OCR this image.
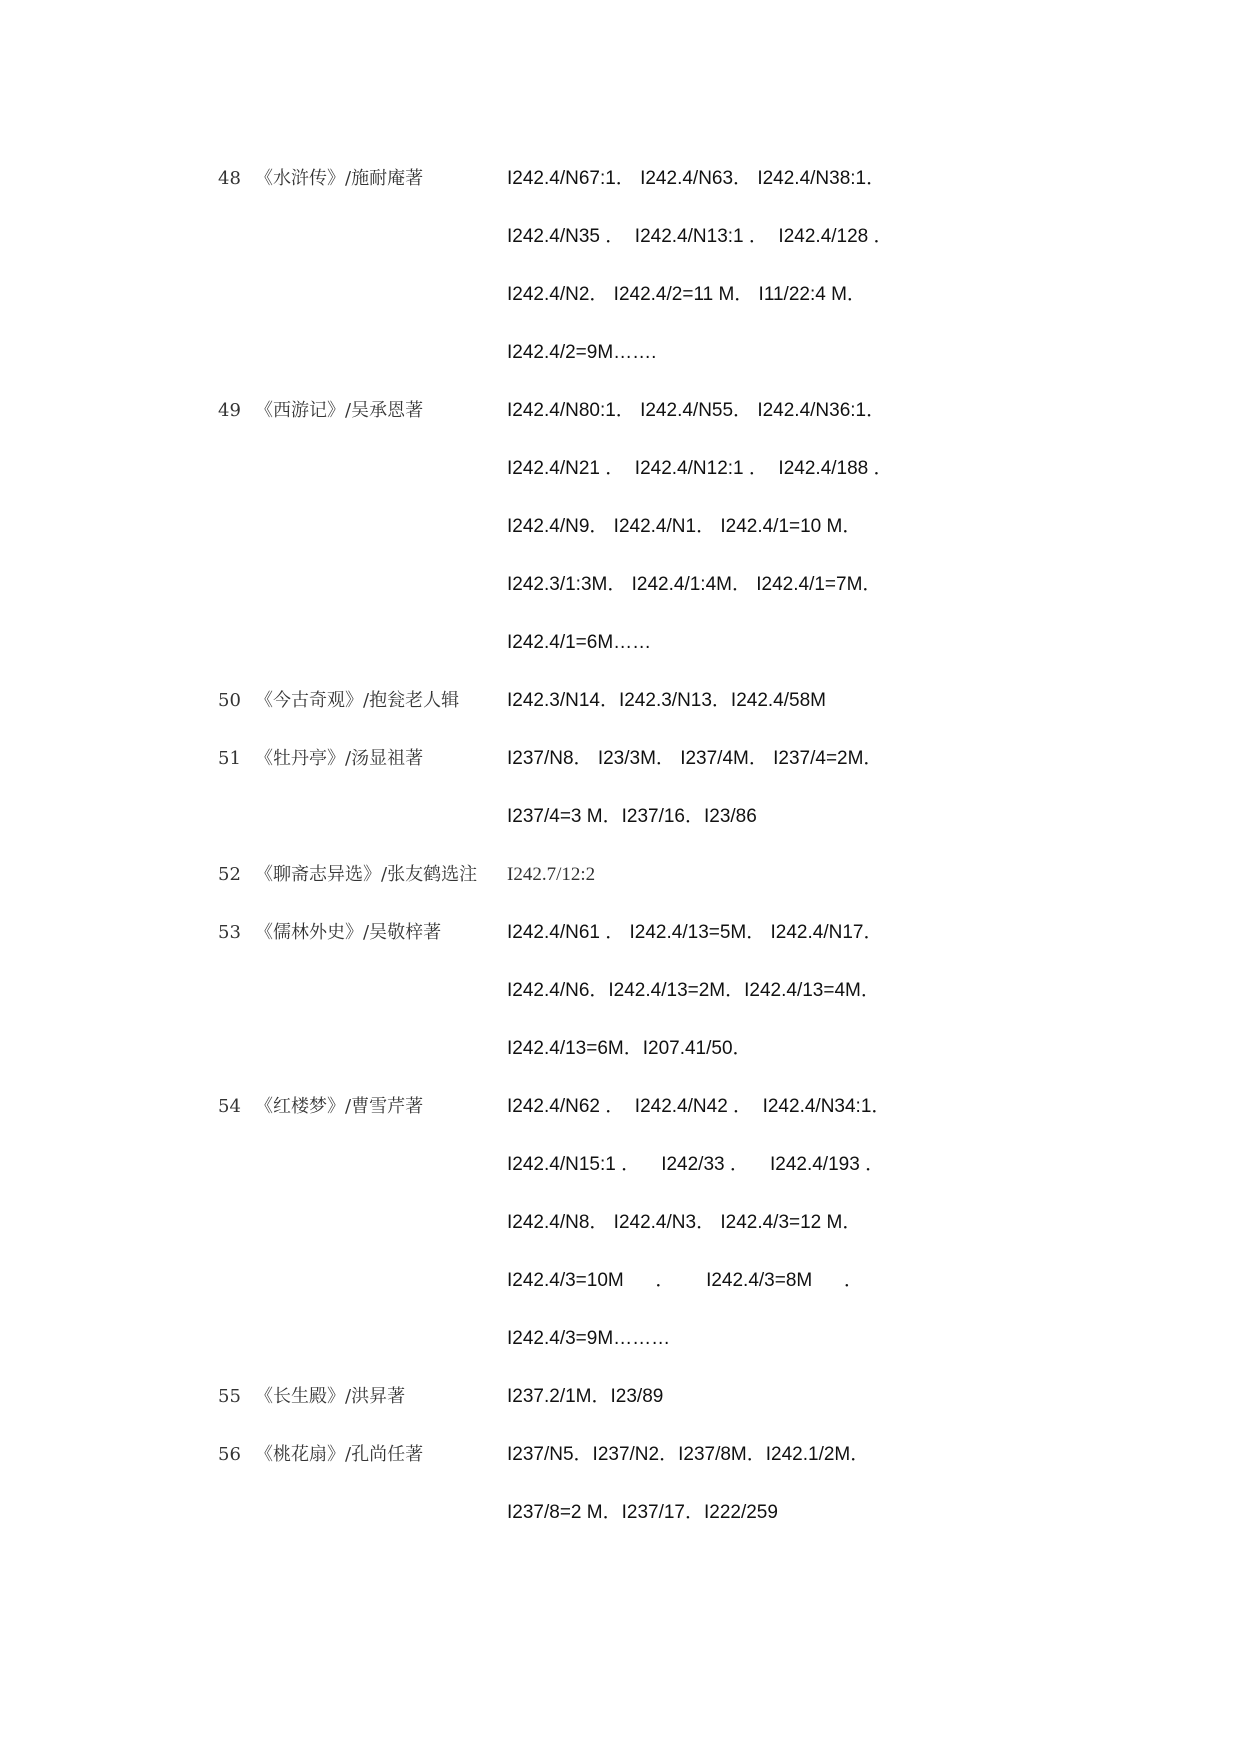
48 《水浒传》/施耐庵著	I242.4/N67:1． I242.4/N63． I242.4/N38:1．
I242.4/N35 ．  I242.4/N13:1 ．  I242.4/128 ．
I242.4/N2． I242.4/2=11 M． I11/22:4 M．
I242.4/2=9M…….
49 《西游记》/吴承恩著	I242.4/N80:1． I242.4/N55． I242.4/N36:1．
I242.4/N21 ．  I242.4/N12:1 ．  I242.4/188 ．
I242.4/N9． I242.4/N1． I242.4/1=10 M．
I242.3/1:3M． I242.4/1:4M． I242.4/1=7M．
I242.4/1=6M……
50 《今古奇观》/抱瓮老人辑	I242.3/N14．I242.3/N13．I242.4/58M
51 《牡丹亭》/汤显祖著	I237/N8． I23/3M． I237/4M． I237/4=2M．
I237/4=3 M．I237/16．I23/86
52 《聊斋志异选》/张友鹤选注 I242.7/12:2
53 《儒林外史》/吴敬梓著	I242.4/N61 ． I242.4/13=5M． I242.4/N17．
I242.4/N6．I242.4/13=2M．I242.4/13=4M．
I242.4/13=6M．I207.41/50．
54 《红楼梦》/曹雪芹著	I242.4/N62 ．  I242.4/N42 ．  I242.4/N34:1．
I242.4/N15:1 ．    I242/33 ．    I242.4/193 ．
I242.4/N8． I242.4/N3． I242.4/3=12 M．
I242.4/3=10M      ．      I242.4/3=8M      ．
I242.4/3=9M………
55 《长生殿》/洪昇著	I237.2/1M．I23/89
56 《桃花扇》/孔尚任著	I237/N5．I237/N2．I237/8M．I242.1/2M．
I237/8=2 M．I237/17．I222/259
